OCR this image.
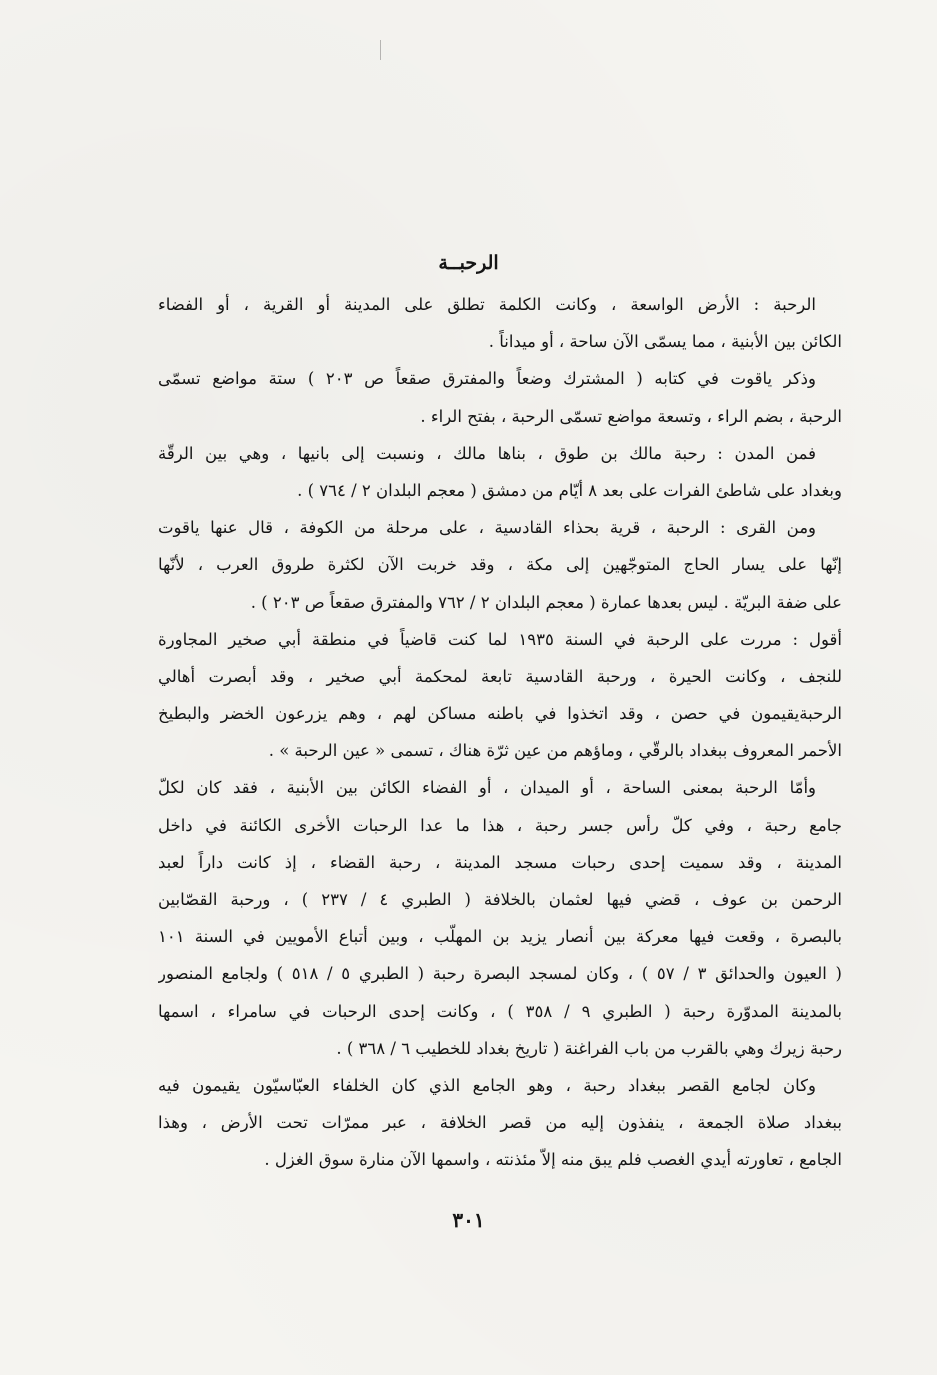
الرحبــة
الرحبة : الأرض الواسعة ، وكانت الكلمة تطلق على المدينة أو القرية ، أو الفضاء
الكائن بين الأبنية ، مما يسمّى الآن ساحة ، أو ميداناً .
وذكر ياقوت في كتابه ( المشترك وضعاً والمفترق صقعاً ص ٢٠٣ ) ستة مواضع تسمّى
الرحبة ، بضم الراء ، وتسعة مواضع تسمّى الرحبة ، بفتح الراء .
فمن المدن : رحبة مالك بن طوق ، بناها مالك ، ونسبت إلى بانيها ، وهي بين الرقّة
وبغداد على شاطئ الفرات على بعد ٨ أيّام من دمشق ( معجم البلدان ٢ / ٧٦٤ ) .
ومن القرى : الرحبة ، قرية بحذاء القادسية ، على مرحلة من الكوفة ، قال عنها ياقوت
إنّها على يسار الحاج المتوجّهين إلى مكة ، وقد خربت الآن لكثرة طروق العرب ، لأنّها
على ضفة البريّة . ليس بعدها عمارة ( معجم البلدان ٢ / ٧٦٢ والمفترق صقعاً ص ٢٠٣ ) .
أقول : مررت على الرحبة في السنة ١٩٣٥ لما كنت قاضياً في منطقة أبي صخير المجاورة
للنجف ، وكانت الحيرة ، ورحبة القادسية تابعة لمحكمة أبي صخير ، وقد أبصرت أهالي
الرحبةيقيمون في حصن ، وقد اتخذوا في باطنه مساكن لهم ، وهم يزرعون الخضر والبطيخ
الأحمر المعروف ببغداد بالرقّي ، وماؤهم من عين ثرّة هناك ، تسمى « عين الرحبة » .
وأمّا الرحبة بمعنى الساحة ، أو الميدان ، أو الفضاء الكائن بين الأبنية ، فقد كان لكلّ
جامع رحبة ، وفي كلّ رأس جسر رحبة ، هذا ما عدا الرحبات الأخرى الكائنة في داخل
المدينة ، وقد سميت إحدى رحبات مسجد المدينة ، رحبة القضاء ، إذ كانت داراً لعبد
الرحمن بن عوف ، قضي فيها لعثمان بالخلافة ( الطبري ٤ / ٢٣٧ ) ، ورحبة القصّابين
بالبصرة ، وقعت فيها معركة بين أنصار يزيد بن المهلّب ، وبين أتباع الأمويين في السنة ١٠١
( العيون والحدائق ٣ / ٥٧ ) ، وكان لمسجد البصرة رحبة ( الطبري ٥ / ٥١٨ ) ولجامع المنصور
بالمدينة المدوّرة رحبة ( الطبري ٩ / ٣٥٨ ) ، وكانت إحدى الرحبات في سامراء ، اسمها
رحبة زيرك وهي بالقرب من باب الفراغنة ( تاريخ بغداد للخطيب ٦ / ٣٦٨ ) .
وكان لجامع القصر ببغداد رحبة ، وهو الجامع الذي كان الخلفاء العبّاسيّون يقيمون فيه
ببغداد صلاة الجمعة ، ينفذون إليه من قصر الخلافة ، عبر ممرّات تحت الأرض ، وهذا
الجامع ، تعاورته أيدي الغصب فلم يبق منه إلاّ مئذنته ، واسمها الآن منارة سوق الغزل .
٣٠١
